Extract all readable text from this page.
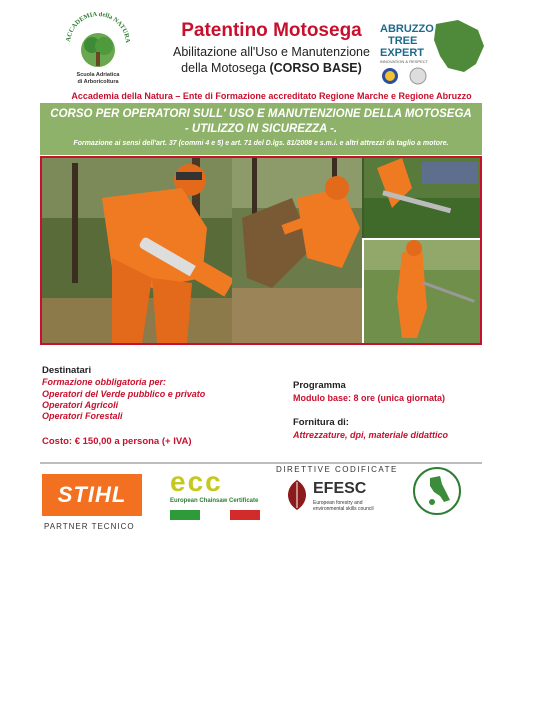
ACCADEMIA della NATURA
Scuola Adriatica
di Arboricoltura
Patentino Motosega
Abilitazione all'Uso e Manutenzione
della Motosega (CORSO BASE)
ABRUZZO
TREE
EXPERT
INNOVATION & RESPECT
Accademia della Natura – Ente di Formazione accreditato Regione Marche e Regione Abruzzo
CORSO PER OPERATORI SULL' USO E MANUTENZIONE DELLA MOTOSEGA
- UTILIZZO IN SICUREZZA -.
Formazione ai sensi dell'art. 37 (commi 4 e 5) e art. 71 del D.lgs. 81/2008 e s.m.i. e altri attrezzi da taglio a motore.
Destinatari
Formazione obbligatoria per:
Operatori del Verde pubblico e privato
Operatori Agricoli
Operatori Forestali
Costo: € 150,00 a persona (+ IVA)
Programma
Modulo base: 8 ore (unica giornata)
Fornitura di:
Attrezzature, dpi, materiale didattico
STIHL
PARTNER TECNICO
ecc
European Chainsaw Certificate
DIRETTIVE CODIFICATE
EFESC
European forestry and
environmental skills council
